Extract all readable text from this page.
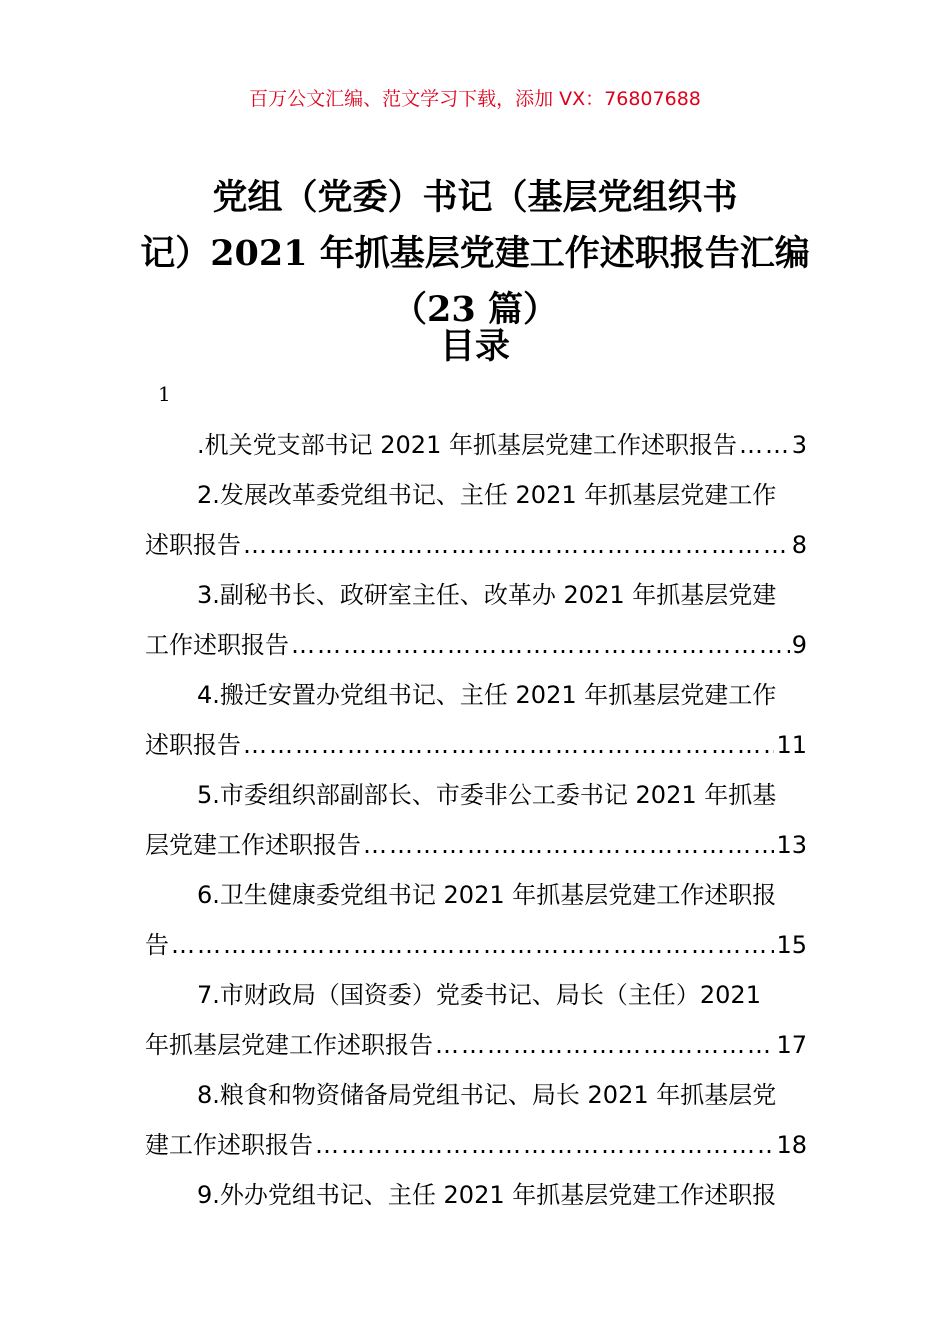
百万公文汇编、范文学习下载，添加 VX：76807688
党组（党委）书记（基层党组织书
记）2021 年抓基层党建工作述职报告汇编
（23 篇）
目录
1
.机关党支部书记 2021 年抓基层党建工作述职报告 …………………………………………………………………………………………………………………………………………………… 3
2.发展改革委党组书记、主任 2021 年抓基层党建工作
述职报告 ……………………………………………………………………………………………………………………………………………………	8
3.副秘书长、政研室主任、改革办 2021 年抓基层党建
工作述职报告 ……………………………………………………………………………………………………………………………………………………	9
4.搬迁安置办党组书记、主任 2021 年抓基层党建工作
述职报告 ……………………………………………………………………………………………………………………………………………………	11
5.市委组织部副部长、市委非公工委书记 2021 年抓基
层党建工作述职报告 ……………………………………………………………………………………………………………………………………………………	13
6.卫生健康委党组书记 2021 年抓基层党建工作述职报
告 ……………………………………………………………………………………………………………………………………………………	15
7.市财政局（国资委）党委书记、局长（主任）2021
年抓基层党建工作述职报告 ……………………………………………………………………………………………………………………………………………………	17
8.粮食和物资储备局党组书记、局长 2021 年抓基层党
建工作述职报告 ……………………………………………………………………………………………………………………………………………………	18
9.外办党组书记、主任 2021 年抓基层党建工作述职报
